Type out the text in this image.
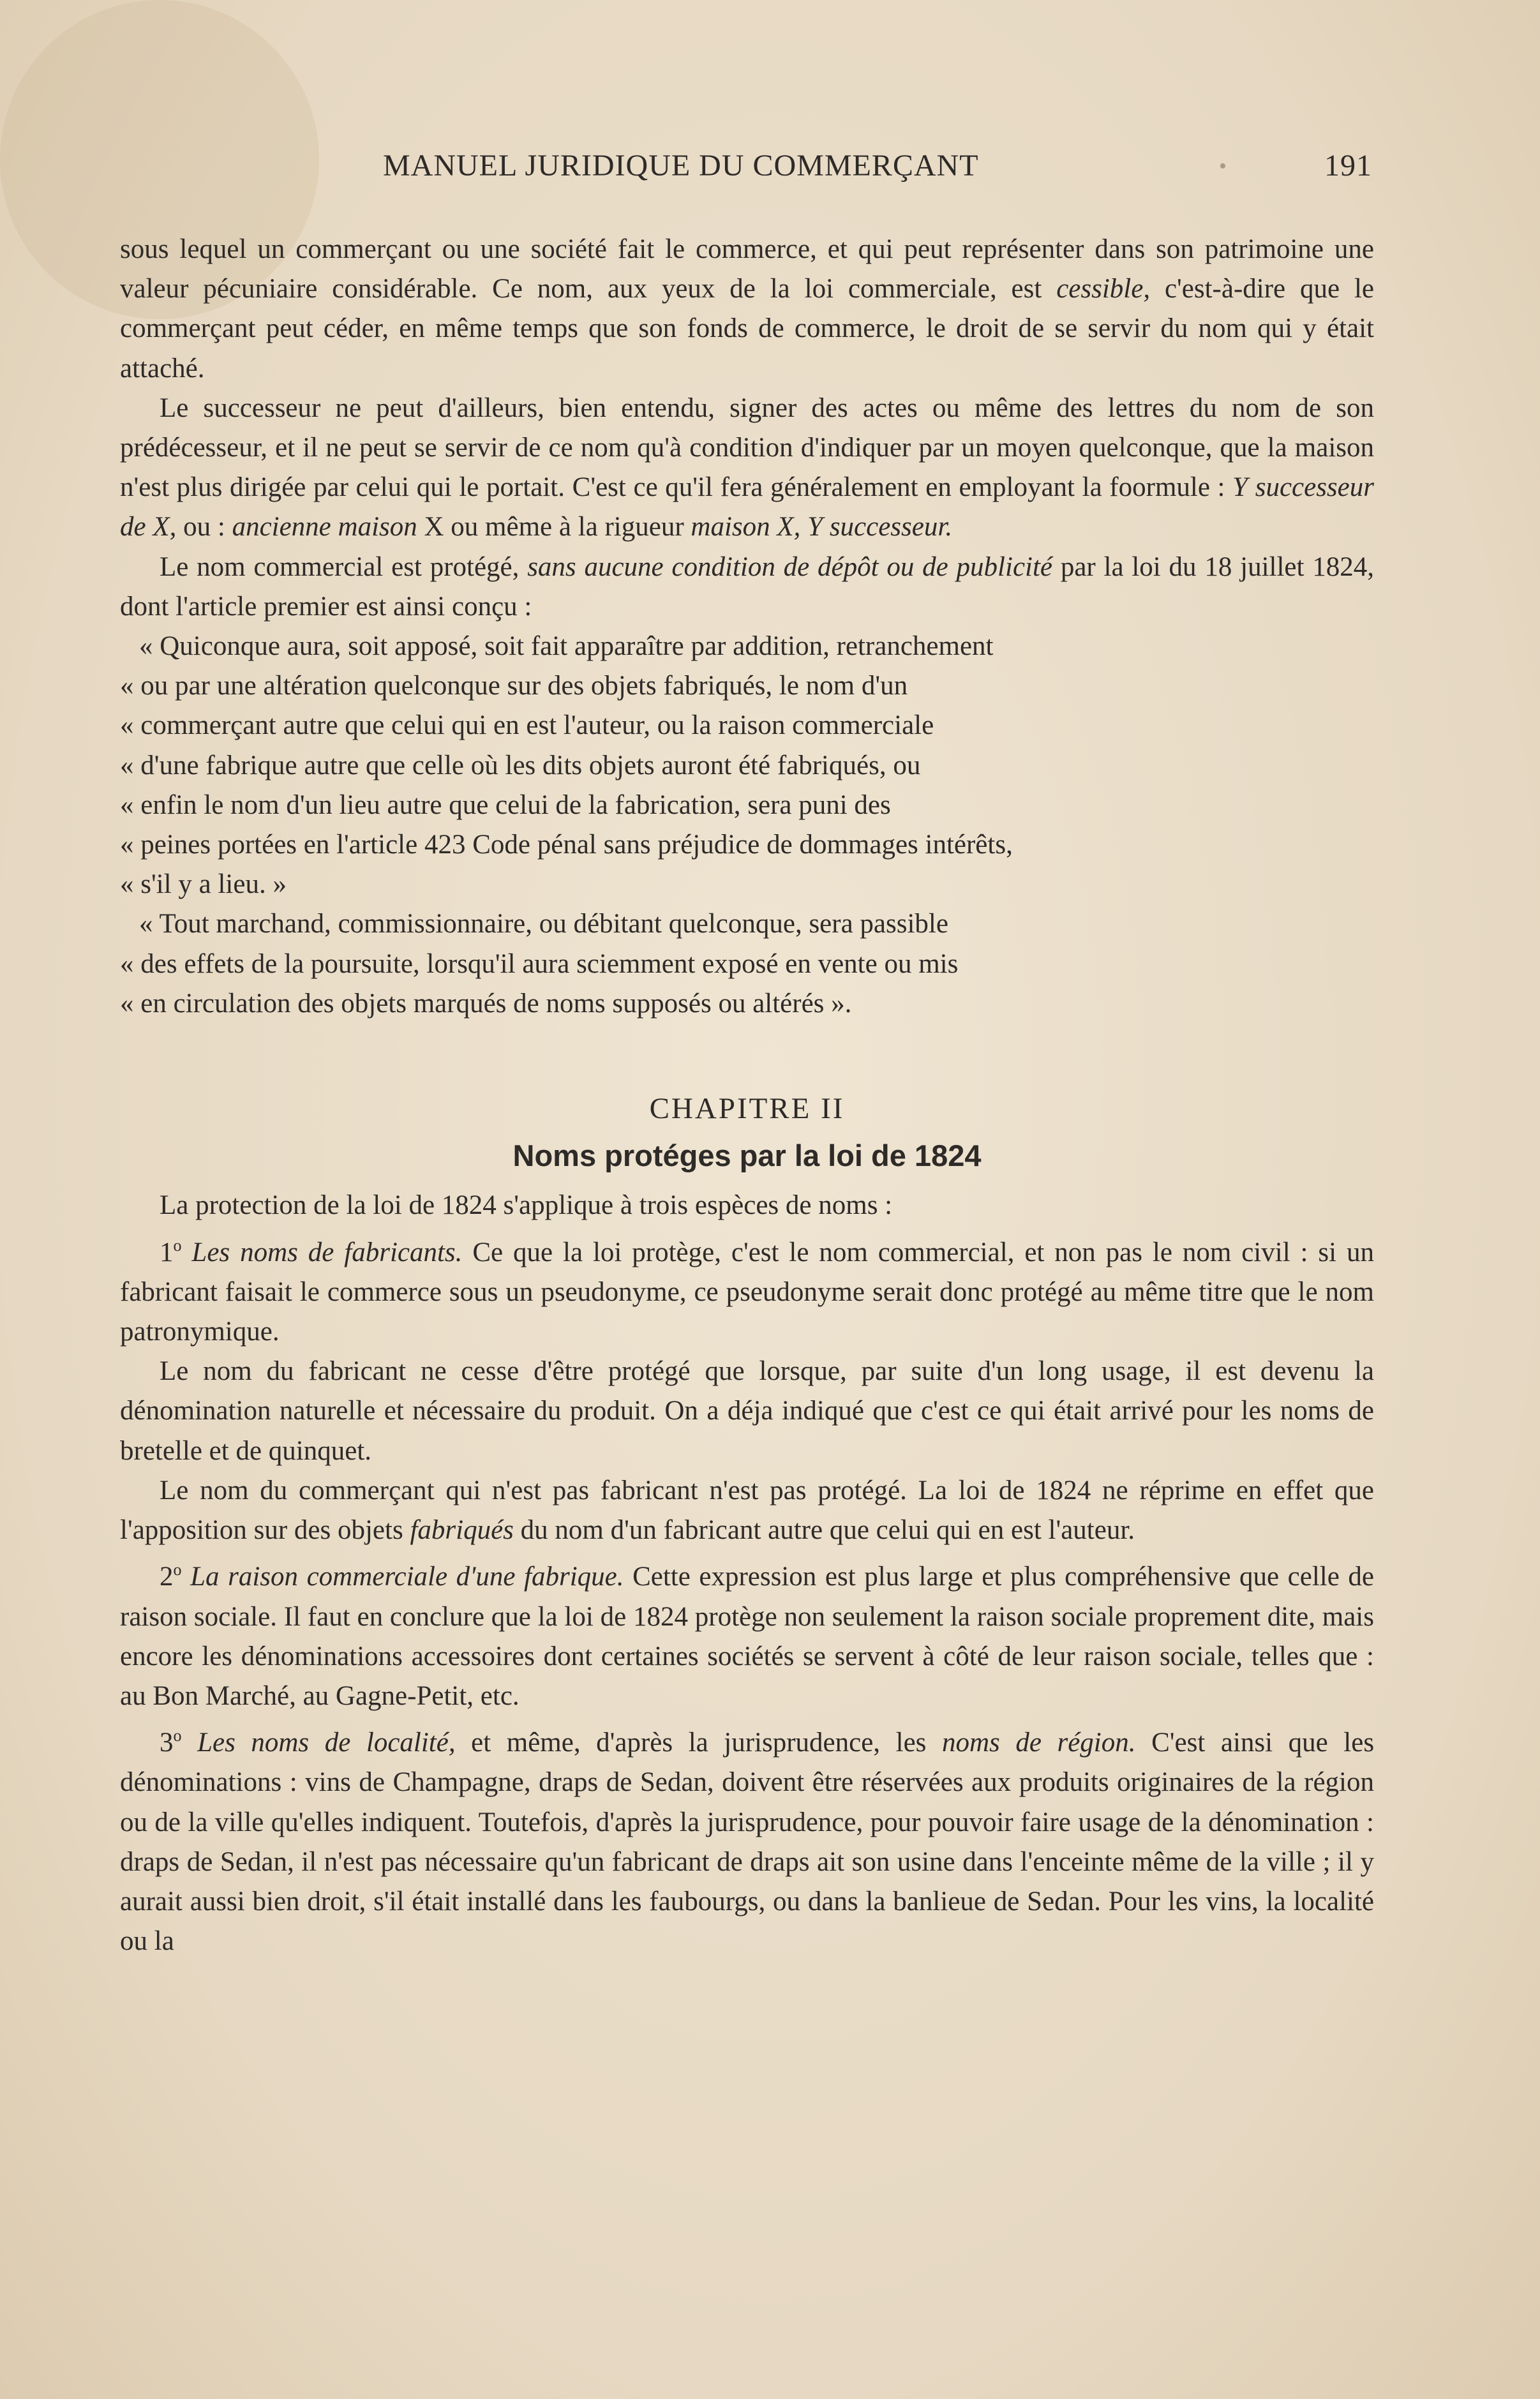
MANUEL JURIDIQUE DU COMMERÇANT	•	191

sous lequel un commerçant ou une société fait le commerce, et qui peut représenter dans son patrimoine une valeur pécuniaire considérable. Ce nom, aux yeux de la loi commerciale, est cessible, c'est-à-dire que le commerçant peut céder, en même temps que son fonds de commerce, le droit de se servir du nom qui y était attaché.

Le successeur ne peut d'ailleurs, bien entendu, signer des actes ou même des lettres du nom de son prédécesseur, et il ne peut se servir de ce nom qu'à condition d'indiquer par un moyen quelconque, que la maison n'est plus dirigée par celui qui le portait. C'est ce qu'il fera généralement en employant la foormule : Y successeur de X, ou : ancienne maison X ou même à la rigueur maison X, Y successeur.

Le nom commercial est protégé, sans aucune condition de dépôt ou de publicité par la loi du 18 juillet 1824, dont l'article premier est ainsi conçu :

« Quiconque aura, soit apposé, soit fait apparaître par addition, retranchement
« ou par une altération quelconque sur des objets fabriqués, le nom d'un
« commerçant autre que celui qui en est l'auteur, ou la raison commerciale
« d'une fabrique autre que celle où les dits objets auront été fabriqués, ou
« enfin le nom d'un lieu autre que celui de la fabrication, sera puni des
« peines portées en l'article 423 Code pénal sans préjudice de dommages intérêts,
« s'il y a lieu. »

« Tout marchand, commissionnaire, ou débitant quelconque, sera passible
« des effets de la poursuite, lorsqu'il aura sciemment exposé en vente ou mis
« en circulation des objets marqués de noms supposés ou altérés ».

CHAPITRE II
Noms protéges par la loi de 1824

La protection de la loi de 1824 s'applique à trois espèces de noms :

1$^o$ Les noms de fabricants. Ce que la loi protège, c'est le nom commercial, et non pas le nom civil : si un fabricant faisait le commerce sous un pseudonyme, ce pseudonyme serait donc protégé au même titre que le nom patronymique.

Le nom du fabricant ne cesse d'être protégé que lorsque, par suite d'un long usage, il est devenu la dénomination naturelle et nécessaire du produit. On a déja indiqué que c'est ce qui était arrivé pour les noms de bretelle et de quinquet.

Le nom du commerçant qui n'est pas fabricant n'est pas protégé. La loi de 1824 ne réprime en effet que l'apposition sur des objets fabriqués du nom d'un fabricant autre que celui qui en est l'auteur.

2$^o$ La raison commerciale d'une fabrique. Cette expression est plus large et plus compréhensive que celle de raison sociale. Il faut en conclure que la loi de 1824 protège non seulement la raison sociale proprement dite, mais encore les dénominations accessoires dont certaines sociétés se servent à côté de leur raison sociale, telles que : au Bon Marché, au Gagne-Petit, etc.

3$^o$ Les noms de localité, et même, d'après la jurisprudence, les noms de région. C'est ainsi que les dénominations : vins de Champagne, draps de Sedan, doivent être réservées aux produits originaires de la région ou de la ville qu'elles indiquent. Toutefois, d'après la jurisprudence, pour pouvoir faire usage de la dénomination : draps de Sedan, il n'est pas nécessaire qu'un fabricant de draps ait son usine dans l'enceinte même de la ville ; il y aurait aussi bien droit, s'il était installé dans les faubourgs, ou dans la banlieue de Sedan. Pour les vins, la localité ou la
